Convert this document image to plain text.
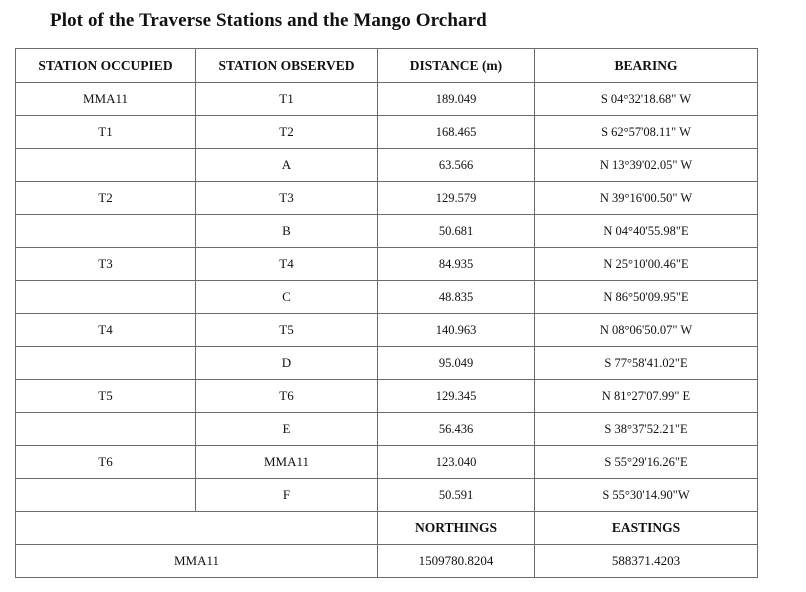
Plot of the Traverse Stations and the Mango Orchard
STATION OCCUPIED	STATION OBSERVED	DISTANCE (m)	BEARING
MMA11	T1	189.049	S 04°32'18.68" W
T1	T2	168.465	S 62°57'08.11" W
	A	63.566	N 13°39'02.05" W
T2	T3	129.579	N 39°16'00.50" W
	B	50.681	N 04°40'55.98"E
T3	T4	84.935	N 25°10'00.46"E
	C	48.835	N 86°50'09.95"E
T4	T5	140.963	N 08°06'50.07" W
	D	95.049	S 77°58'41.02"E
T5	T6	129.345	N 81°27'07.99" E
	E	56.436	S 38°37'52.21"E
T6	MMA11	123.040	S 55°29'16.26"E
	F	50.591	S 55°30'14.90"W
		NORTHINGS	EASTINGS
MMA11		1509780.8204	588371.4203
